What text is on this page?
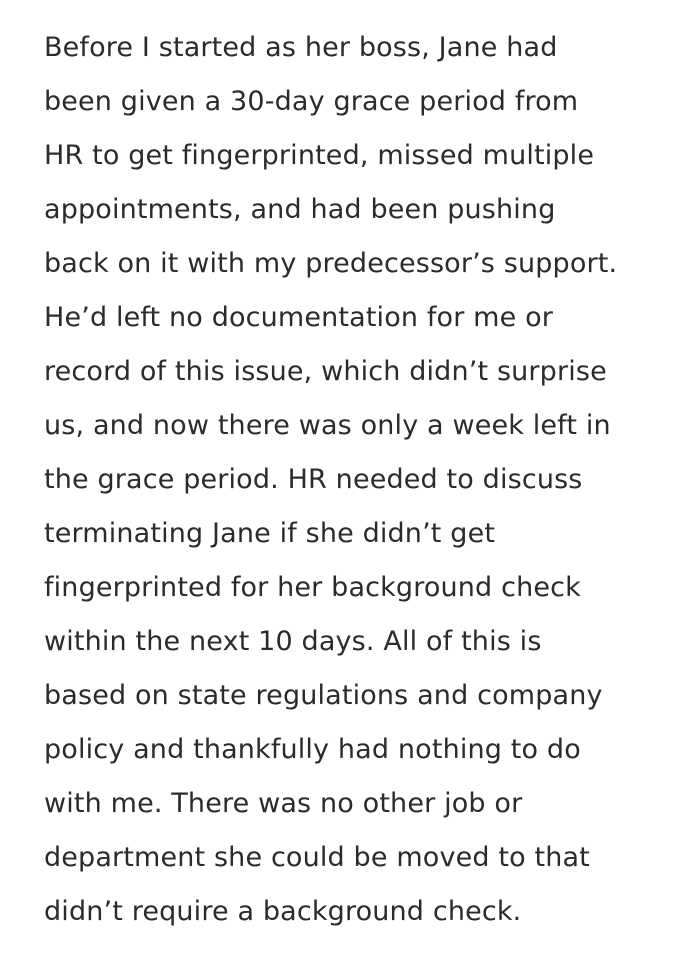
Before I started as her boss, Jane had
been given a 30-day grace period from
HR to get fingerprinted, missed multiple
appointments, and had been pushing
back on it with my predecessor’s support.
He’d left no documentation for me or
record of this issue, which didn’t surprise
us, and now there was only a week left in
the grace period. HR needed to discuss
terminating Jane if she didn’t get
fingerprinted for her background check
within the next 10 days. All of this is
based on state regulations and company
policy and thankfully had nothing to do
with me. There was no other job or
department she could be moved to that
didn’t require a background check.
